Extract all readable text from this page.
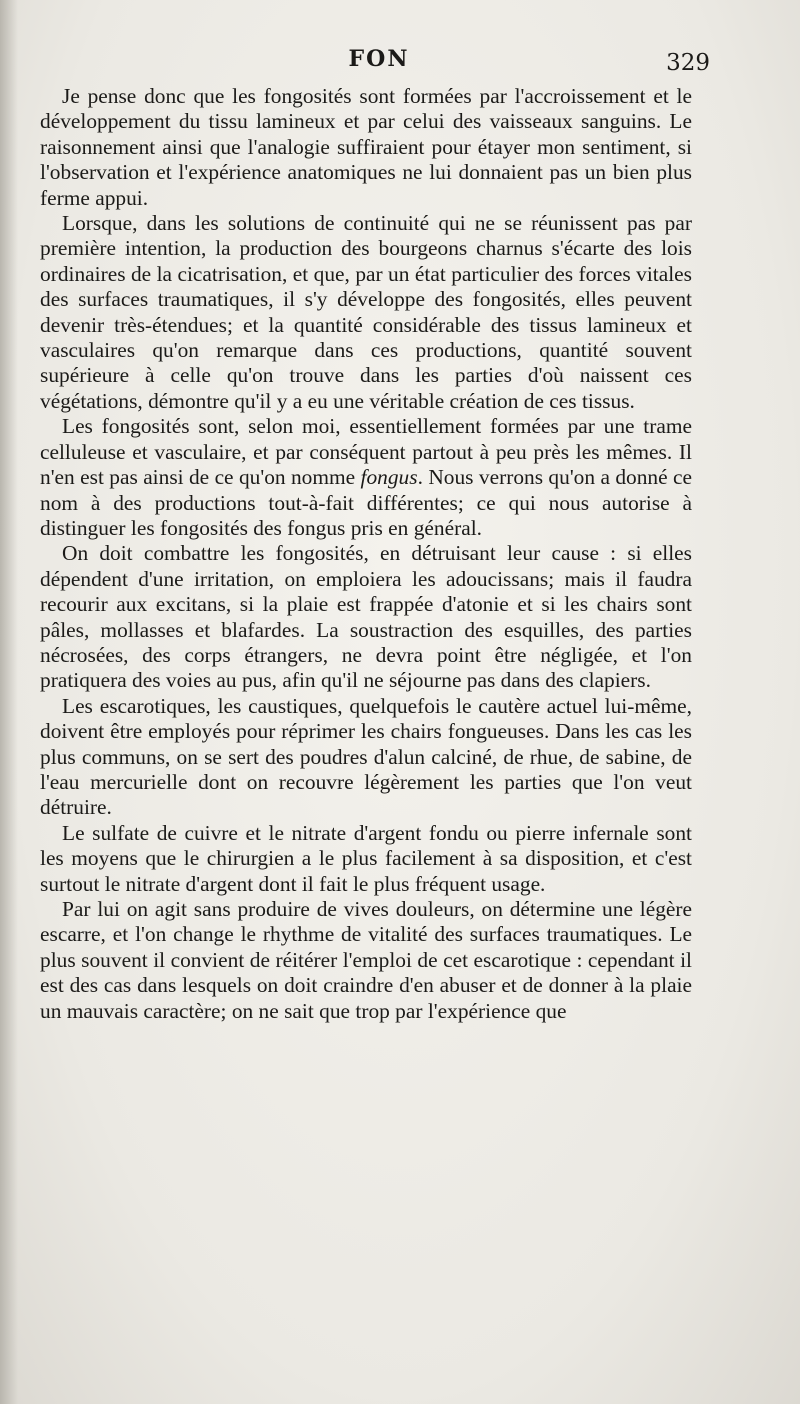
FON	329

Je pense donc que les fongosités sont formées par l'accroissement et le développement du tissu lamineux et par celui des vaisseaux sanguins. Le raisonnement ainsi que l'analogie suffiraient pour étayer mon sentiment, si l'observation et l'expérience anatomiques ne lui donnaient pas un bien plus ferme appui.

Lorsque, dans les solutions de continuité qui ne se réunissent pas par première intention, la production des bourgeons charnus s'écarte des lois ordinaires de la cicatrisation, et que, par un état particulier des forces vitales des surfaces traumatiques, il s'y développe des fongosités, elles peuvent devenir très-étendues; et la quantité considérable des tissus lamineux et vasculaires qu'on remarque dans ces productions, quantité souvent supérieure à celle qu'on trouve dans les parties d'où naissent ces végétations, démontre qu'il y a eu une véritable création de ces tissus.

Les fongosités sont, selon moi, essentiellement formées par une trame celluleuse et vasculaire, et par conséquent partout à peu près les mêmes. Il n'en est pas ainsi de ce qu'on nomme fongus. Nous verrons qu'on a donné ce nom à des productions tout-à-fait différentes; ce qui nous autorise à distinguer les fongosités des fongus pris en général.

On doit combattre les fongosités, en détruisant leur cause : si elles dépendent d'une irritation, on emploiera les adoucissans; mais il faudra recourir aux excitans, si la plaie est frappée d'atonie et si les chairs sont pâles, mollasses et blafardes. La soustraction des esquilles, des parties nécrosées, des corps étrangers, ne devra point être négligée, et l'on pratiquera des voies au pus, afin qu'il ne séjourne pas dans des clapiers.

Les escarotiques, les caustiques, quelquefois le cautère actuel lui-même, doivent être employés pour réprimer les chairs fongueuses. Dans les cas les plus communs, on se sert des poudres d'alun calciné, de rhue, de sabine, de l'eau mercurielle dont on recouvre légèrement les parties que l'on veut détruire.

Le sulfate de cuivre et le nitrate d'argent fondu ou pierre infernale sont les moyens que le chirurgien a le plus facilement à sa disposition, et c'est surtout le nitrate d'argent dont il fait le plus fréquent usage.

Par lui on agit sans produire de vives douleurs, on détermine une légère escarre, et l'on change le rhythme de vitalité des surfaces traumatiques. Le plus souvent il convient de réitérer l'emploi de cet escarotique : cependant il est des cas dans lesquels on doit craindre d'en abuser et de donner à la plaie un mauvais caractère; on ne sait que trop par l'expérience que
